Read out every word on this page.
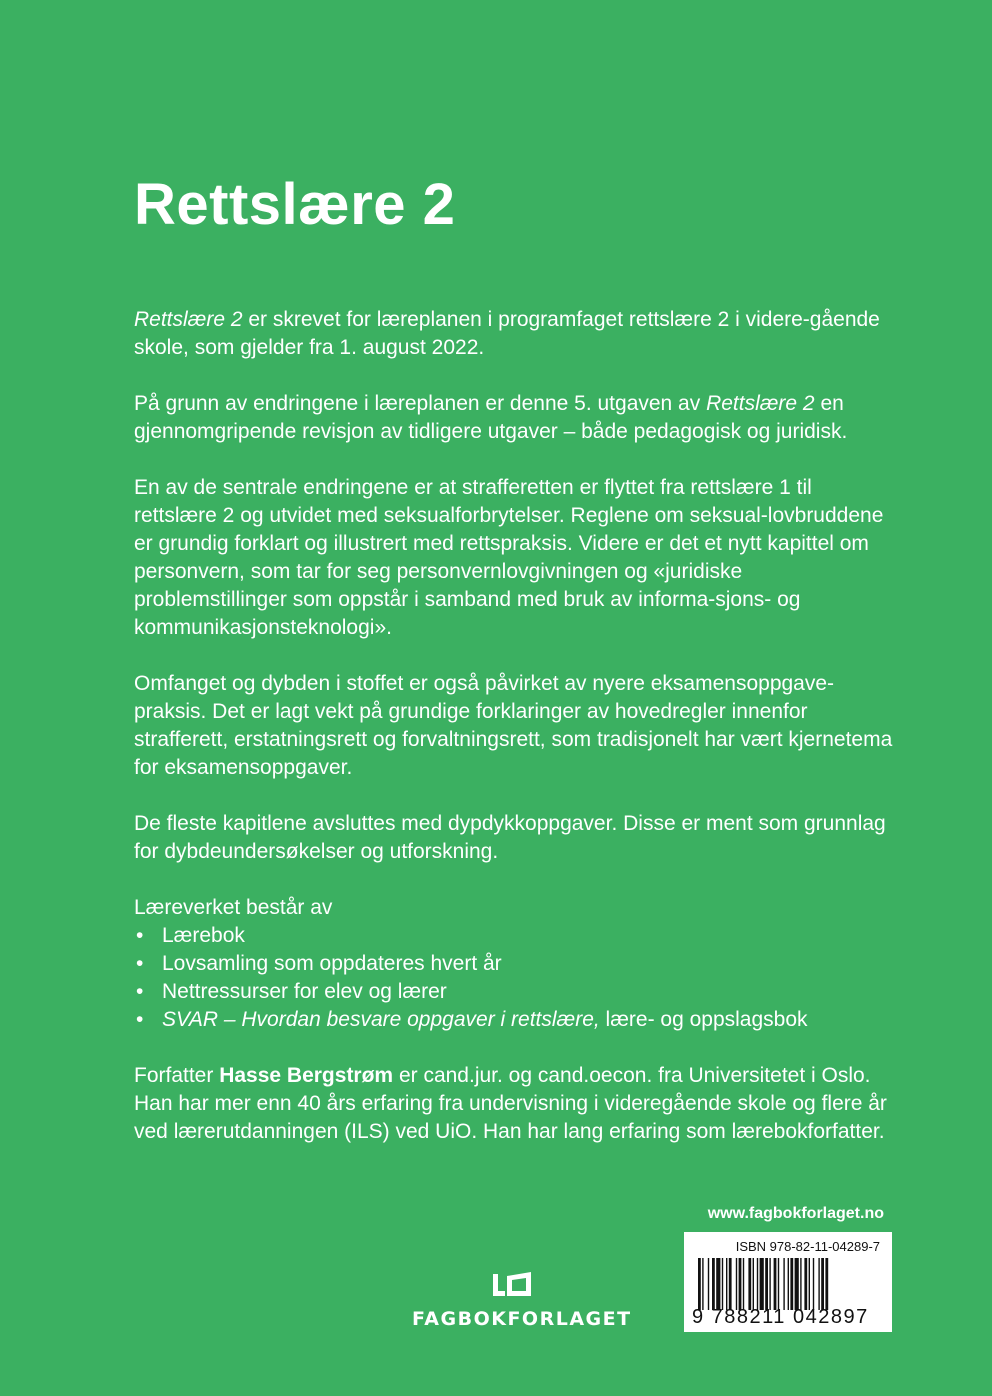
Rettslære 2

Rettslære 2 er skrevet for læreplanen i programfaget rettslære 2 i videre-gående skole, som gjelder fra 1. august 2022.

På grunn av endringene i læreplanen er denne 5. utgaven av Rettslære 2 en gjennomgripende revisjon av tidligere utgaver – både pedagogisk og juridisk.

En av de sentrale endringene er at strafferetten er flyttet fra rettslære 1 til rettslære 2 og utvidet med seksualforbrytelser. Reglene om seksual-lovbruddene er grundig forklart og illustrert med rettspraksis. Videre er det et nytt kapittel om personvern, som tar for seg personvernlovgivningen og «juridiske problemstillinger som oppstår i samband med bruk av informa-sjons- og kommunikasjonsteknologi».

Omfanget og dybden i stoffet er også påvirket av nyere eksamensoppgave-praksis. Det er lagt vekt på grundige forklaringer av hovedregler innenfor strafferett, erstatningsrett og forvaltningsrett, som tradisjonelt har vært kjernetema for eksamensoppgaver.

De fleste kapitlene avsluttes med dypdykkoppgaver. Disse er ment som grunnlag for dybdeundersøkelser og utforskning.

Læreverket består av
• Lærebok
• Lovsamling som oppdateres hvert år
• Nettressurser for elev og lærer
• SVAR – Hvordan besvare oppgaver i rettslære, lære- og oppslagsbok

Forfatter Hasse Bergstrøm er cand.jur. og cand.oecon. fra Universitetet i Oslo. Han har mer enn 40 års erfaring fra undervisning i videregående skole og flere år ved lærerutdanningen (ILS) ved UiO. Han har lang erfaring som lærebokforfatter.

www.fagbokforlaget.no
ISBN 978-82-11-04289-7
9 788211 042897
FAGBOKFORLAGET
